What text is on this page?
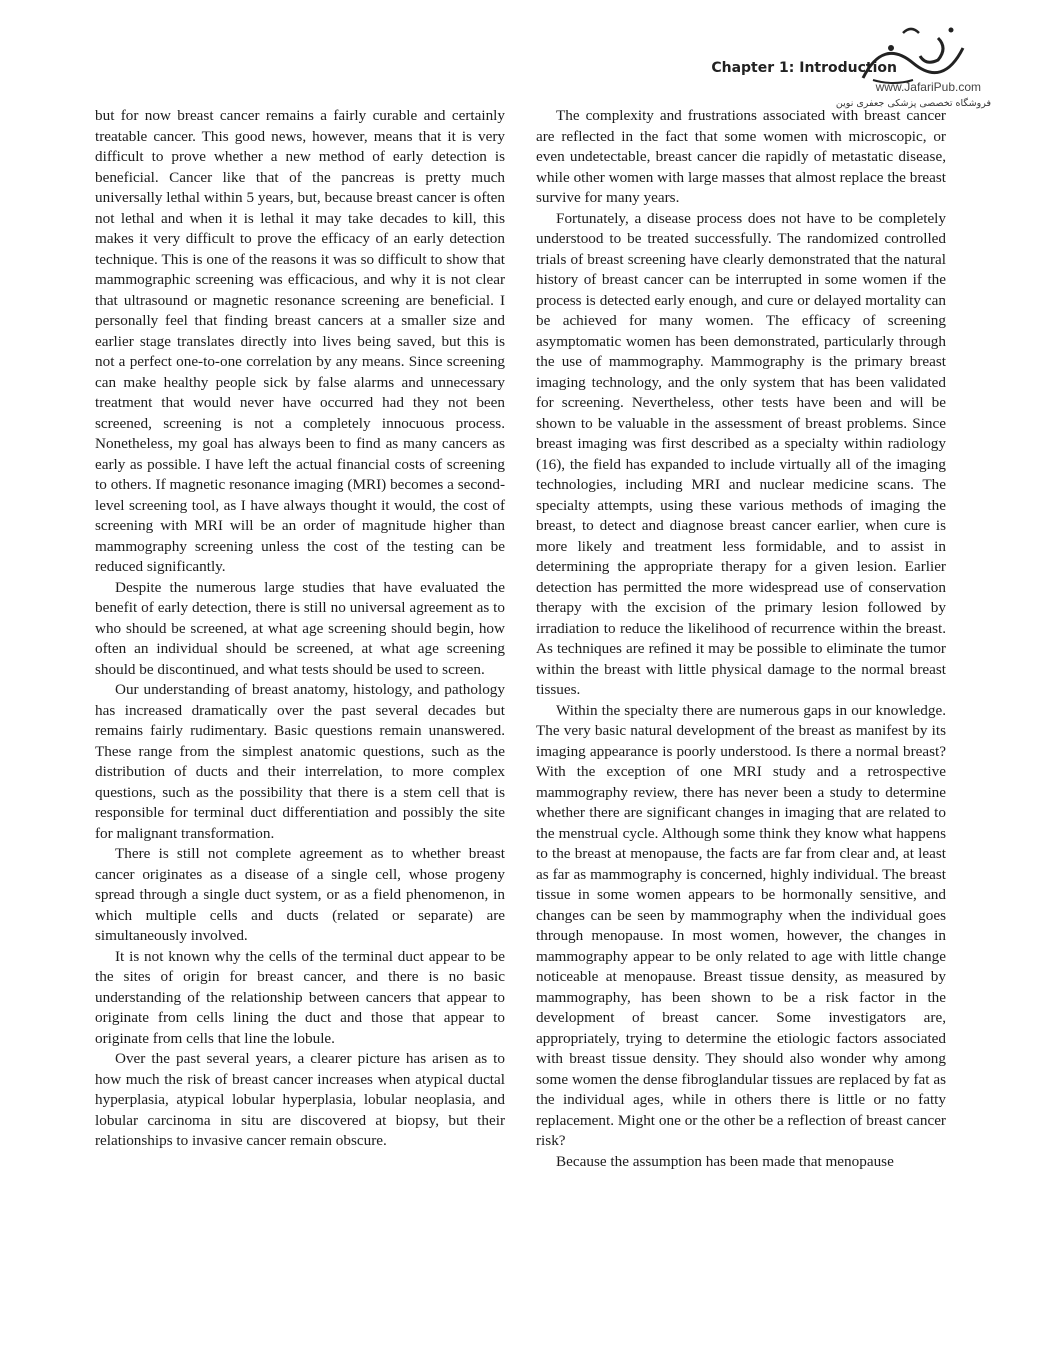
Chapter 1: Introduction
www.JafariPub.com
فروشگاه تخصصی پزشکی جعفری نوین

but for now breast cancer remains a fairly curable and certainly treatable cancer. This good news, however, means that it is very difficult to prove whether a new method of early detection is beneficial. Cancer like that of the pancreas is pretty much universally lethal within 5 years, but, because breast cancer is often not lethal and when it is lethal it may take decades to kill, this makes it very difficult to prove the efficacy of an early detection technique. This is one of the reasons it was so difficult to show that mammographic screening was efficacious, and why it is not clear that ultrasound or magnetic resonance screening are beneficial. I personally feel that finding breast cancers at a smaller size and earlier stage translates directly into lives being saved, but this is not a perfect one-to-one correlation by any means. Since screening can make healthy people sick by false alarms and unnecessary treatment that would never have occurred had they not been screened, screening is not a completely innocuous process. Nonetheless, my goal has always been to find as many cancers as early as possible. I have left the actual financial costs of screening to others. If magnetic resonance imaging (MRI) becomes a second-level screening tool, as I have always thought it would, the cost of screening with MRI will be an order of magnitude higher than mammography screening unless the cost of the testing can be reduced significantly.

Despite the numerous large studies that have evaluated the benefit of early detection, there is still no universal agreement as to who should be screened, at what age screening should begin, how often an individual should be screened, at what age screening should be discontinued, and what tests should be used to screen.

Our understanding of breast anatomy, histology, and pathology has increased dramatically over the past several decades but remains fairly rudimentary. Basic questions remain unanswered. These range from the simplest anatomic questions, such as the distribution of ducts and their interrelation, to more complex questions, such as the possibility that there is a stem cell that is responsible for terminal duct differentiation and possibly the site for malignant transformation.

There is still not complete agreement as to whether breast cancer originates as a disease of a single cell, whose progeny spread through a single duct system, or as a field phenomenon, in which multiple cells and ducts (related or separate) are simultaneously involved.

It is not known why the cells of the terminal duct appear to be the sites of origin for breast cancer, and there is no basic understanding of the relationship between cancers that appear to originate from cells lining the duct and those that appear to originate from cells that line the lobule.

Over the past several years, a clearer picture has arisen as to how much the risk of breast cancer increases when atypical ductal hyperplasia, atypical lobular hyperplasia, lobular neoplasia, and lobular carcinoma in situ are discovered at biopsy, but their relationships to invasive cancer remain obscure.

The complexity and frustrations associated with breast cancer are reflected in the fact that some women with microscopic, or even undetectable, breast cancer die rapidly of metastatic disease, while other women with large masses that almost replace the breast survive for many years.

Fortunately, a disease process does not have to be completely understood to be treated successfully. The randomized controlled trials of breast screening have clearly demonstrated that the natural history of breast cancer can be interrupted in some women if the process is detected early enough, and cure or delayed mortality can be achieved for many women. The efficacy of screening asymptomatic women has been demonstrated, particularly through the use of mammography. Mammography is the primary breast imaging technology, and the only system that has been validated for screening. Nevertheless, other tests have been and will be shown to be valuable in the assessment of breast problems. Since breast imaging was first described as a specialty within radiology (16), the field has expanded to include virtually all of the imaging technologies, including MRI and nuclear medicine scans. The specialty attempts, using these various methods of imaging the breast, to detect and diagnose breast cancer earlier, when cure is more likely and treatment less formidable, and to assist in determining the appropriate therapy for a given lesion. Earlier detection has permitted the more widespread use of conservation therapy with the excision of the primary lesion followed by irradiation to reduce the likelihood of recurrence within the breast. As techniques are refined it may be possible to eliminate the tumor within the breast with little physical damage to the normal breast tissues.

Within the specialty there are numerous gaps in our knowledge. The very basic natural development of the breast as manifest by its imaging appearance is poorly understood. Is there a normal breast? With the exception of one MRI study and a retrospective mammography review, there has never been a study to determine whether there are significant changes in imaging that are related to the menstrual cycle. Although some think they know what happens to the breast at menopause, the facts are far from clear and, at least as far as mammography is concerned, highly individual. The breast tissue in some women appears to be hormonally sensitive, and changes can be seen by mammography when the individual goes through menopause. In most women, however, the changes in mammography appear to be only related to age with little change noticeable at menopause. Breast tissue density, as measured by mammography, has been shown to be a risk factor in the development of breast cancer. Some investigators are, appropriately, trying to determine the etiologic factors associated with breast tissue density. They should also wonder why among some women the dense fibroglandular tissues are replaced by fat as the individual ages, while in others there is little or no fatty replacement. Might one or the other be a reflection of breast cancer risk?

Because the assumption has been made that menopause
